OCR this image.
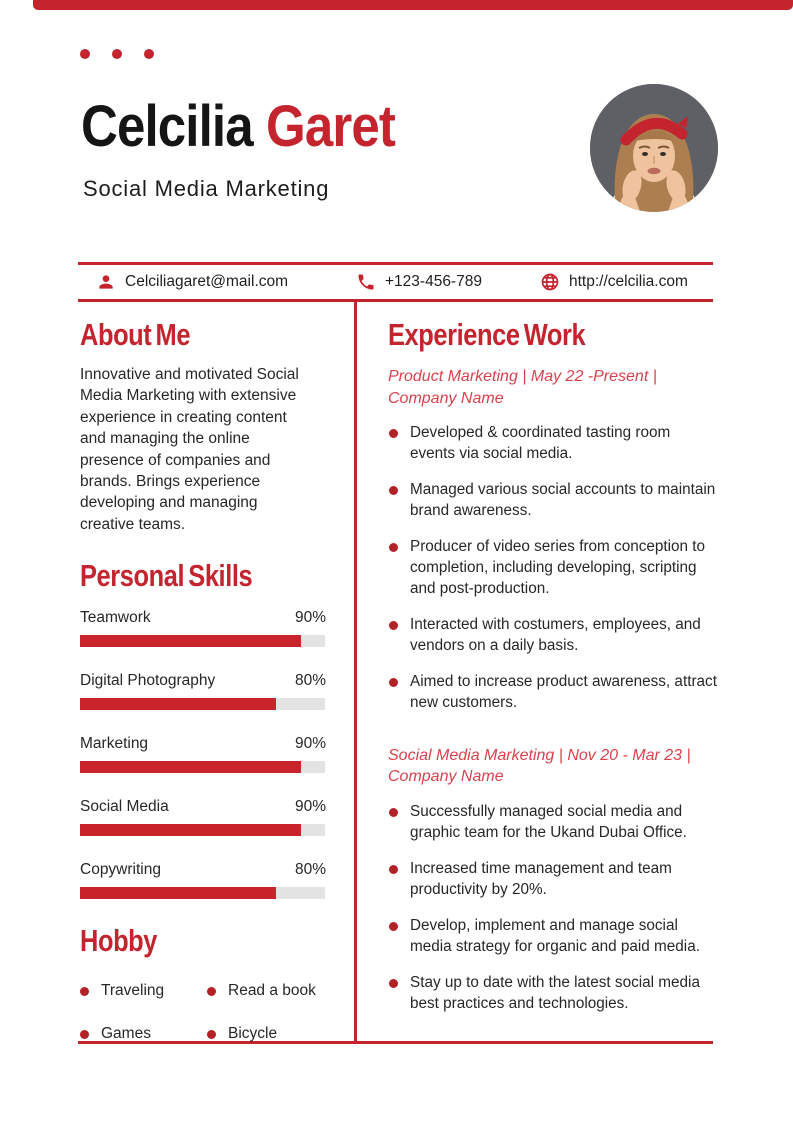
Celcilia Garet
Social Media Marketing
Celciliagaret@mail.com	+123-456-789	http://celcilia.com
About Me
Innovative and motivated Social Media Marketing with extensive experience in creating content and managing the online presence of companies and brands. Brings experience developing and managing creative teams.
Personal Skills
Teamwork	90%
Digital Photography	80%
Marketing	90%
Social Media	90%
Copywriting	80%
Hobby
Traveling	Read a book
Games	Bicycle
Experience Work
Product Marketing | May 22 -Present |
Company Name
Developed & coordinated tasting room events via social media.
Managed various social accounts to maintain brand awareness.
Producer of video series from conception to completion, including developing, scripting and post-production.
Interacted with costumers, employees, and vendors on a daily basis.
Aimed to increase product awareness, attract new customers.
Social Media Marketing | Nov 20 - Mar 23 |
Company Name
Successfully managed social media and graphic team for the Ukand Dubai Office.
Increased time management and team productivity by 20%.
Develop, implement and manage social media strategy for organic and paid media.
Stay up to date with the latest social media best practices and technologies.
